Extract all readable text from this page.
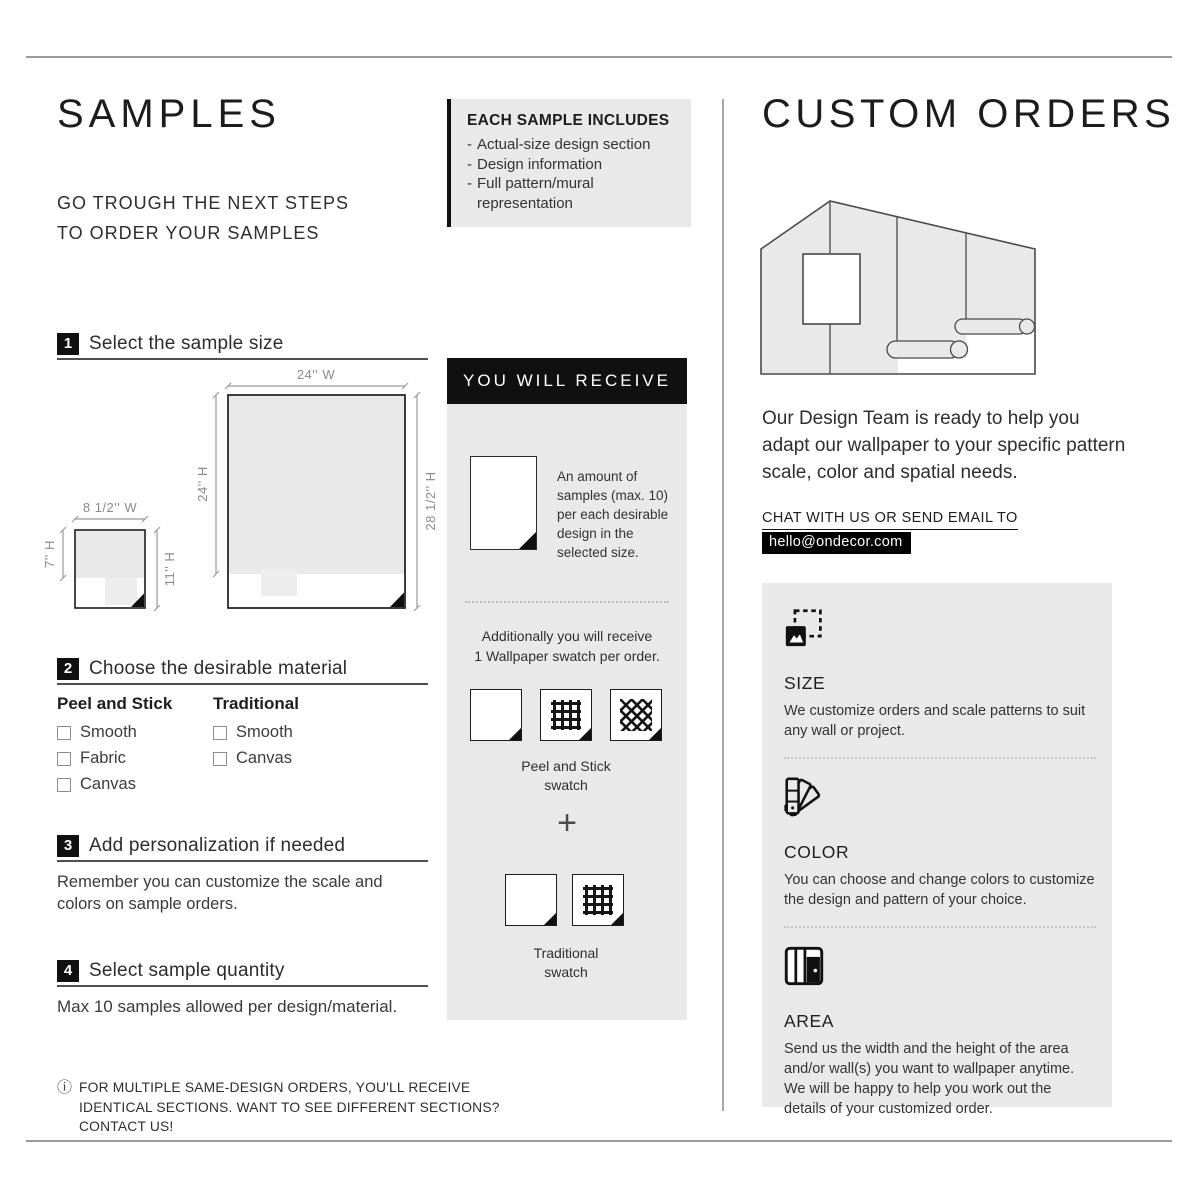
SAMPLES
GO TROUGH THE NEXT STEPS
TO ORDER YOUR SAMPLES
EACH SAMPLE INCLUDES
- Actual-size design section
- Design information
- Full pattern/mural representation
1 Select the sample size
24'' W
24'' H	28 1/2'' H
8 1/2'' W
7'' H	11'' H
2 Choose the desirable material
Peel and Stick
Smooth
Fabric
Canvas
Traditional
Smooth
Canvas
3 Add personalization if needed
Remember you can customize the scale and colors on sample orders.
4 Select sample quantity
Max 10 samples allowed per design/material.
ⓘ FOR MULTIPLE SAME-DESIGN ORDERS, YOU'LL RECEIVE IDENTICAL SECTIONS. WANT TO SEE DIFFERENT SECTIONS? CONTACT US!
YOU WILL RECEIVE
An amount of samples (max. 10) per each desirable design in the selected size.
Additionally you will receive
1 Wallpaper swatch per order.
Peel and Stick
swatch
+
Traditional
swatch
CUSTOM ORDERS
Our Design Team is ready to help you adapt our wallpaper to your specific pattern scale, color and spatial needs.
CHAT WITH US OR SEND EMAIL TO
hello@ondecor.com
SIZE
We customize orders and scale patterns to suit any wall or project.
COLOR
You can choose and change colors to customize the design and pattern of your choice.
AREA
Send us the width and the height of the area and/or wall(s) you want to wallpaper anytime. We will be happy to help you work out the details of your customized order.
